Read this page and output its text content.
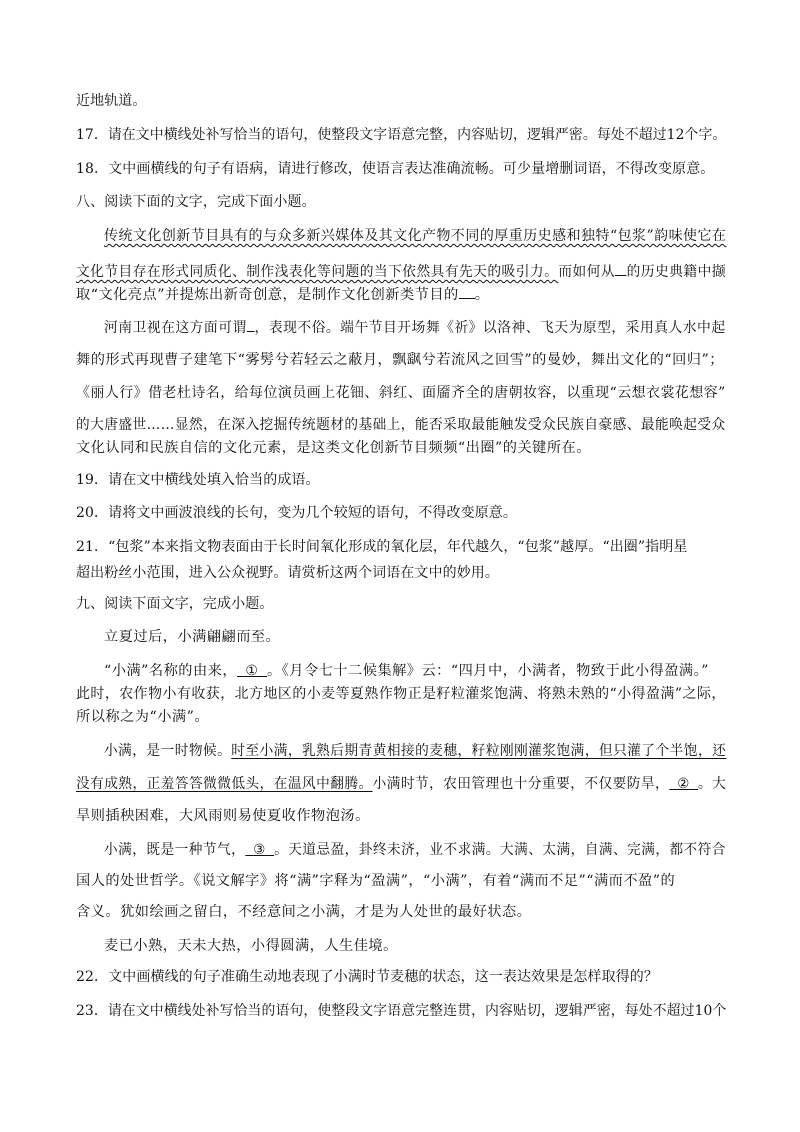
近地轨道。
17．请在文中横线处补写恰当的语句，使整段文字语意完整，内容贴切，逻辑严密。每处不超过12个字。
18．文中画横线的句子有语病，请进行修改，使语言表达准确流畅。可少量增删词语，不得改变原意。
八、阅读下面的文字，完成下面小题。
传统文化创新节目具有的与众多新兴媒体及其文化产物不同的厚重历史感和独特“包浆”韵味使它在
文化节目存在形式同质化、制作浅表化等问题的当下依然具有先天的吸引力。而如何从 的历史典籍中撷
取“文化亮点”并提炼出新奇创意，是制作文化创新类节目的 。
河南卫视在这方面可谓 ，表现不俗。端午节目开场舞《祈》以洛神、飞天为原型，采用真人水中起
舞的形式再现曹子建笔下“雾髣兮若轻云之蔽月，飘飖兮若流风之回雪”的曼妙，舞出文化的“回归”；
《丽人行》借老杜诗名，给每位演员画上花钿、斜红、面靥齐全的唐朝妆容，以重现“云想衣裳花想容”
的大唐盛世……显然，在深入挖掘传统题材的基础上，能否采取最能触发受众民族自豪感、最能唤起受众
文化认同和民族自信的文化元素，是这类文化创新节目频频“出圈”的关键所在。
19．请在文中横线处填入恰当的成语。
20．请将文中画波浪线的长句，变为几个较短的语句，不得改变原意。
21．“包浆”本来指文物表面由于长时间氧化形成的氧化层，年代越久，“包浆”越厚。“出圈”指明星
超出粉丝小范围，进入公众视野。请赏析这两个词语在文中的妙用。
九、阅读下面文字，完成小题。
立夏过后，小满翩翩而至。
“小满”名称的由来， ① 。《月令七十二候集解》云：“四月中，小满者，物致于此小得盈满。”
此时，农作物小有收获，北方地区的小麦等夏熟作物正是籽粒灌浆饱满、将熟未熟的“小得盈满”之际，
所以称之为“小满”。
小满，是一时物候。时至小满，乳熟后期青黄相接的麦穗，籽粒刚刚灌浆饱满，但只灌了个半饱，还
没有成熟，正羞答答微微低头，在温风中翻腾。小满时节，农田管理也十分重要，不仅要防旱， ② 。大
旱则插秧困难，大风雨则易使夏收作物泡汤。
小满，既是一种节气， ③ 。天道忌盈，卦终未济，业不求满。大满、太满，自满、完满，都不符合
国人的处世哲学。《说文解字》将“满”字释为“盈满”，“小满”，有着“满而不足”“满而不盈”的
含义。犹如绘画之留白，不经意间之小满，才是为人处世的最好状态。
麦已小熟，天未大热，小得圆满，人生佳境。
22．文中画横线的句子准确生动地表现了小满时节麦穗的状态，这一表达效果是怎样取得的？
23．请在文中横线处补写恰当的语句，使整段文字语意完整连贯，内容贴切，逻辑严密，每处不超过10个
